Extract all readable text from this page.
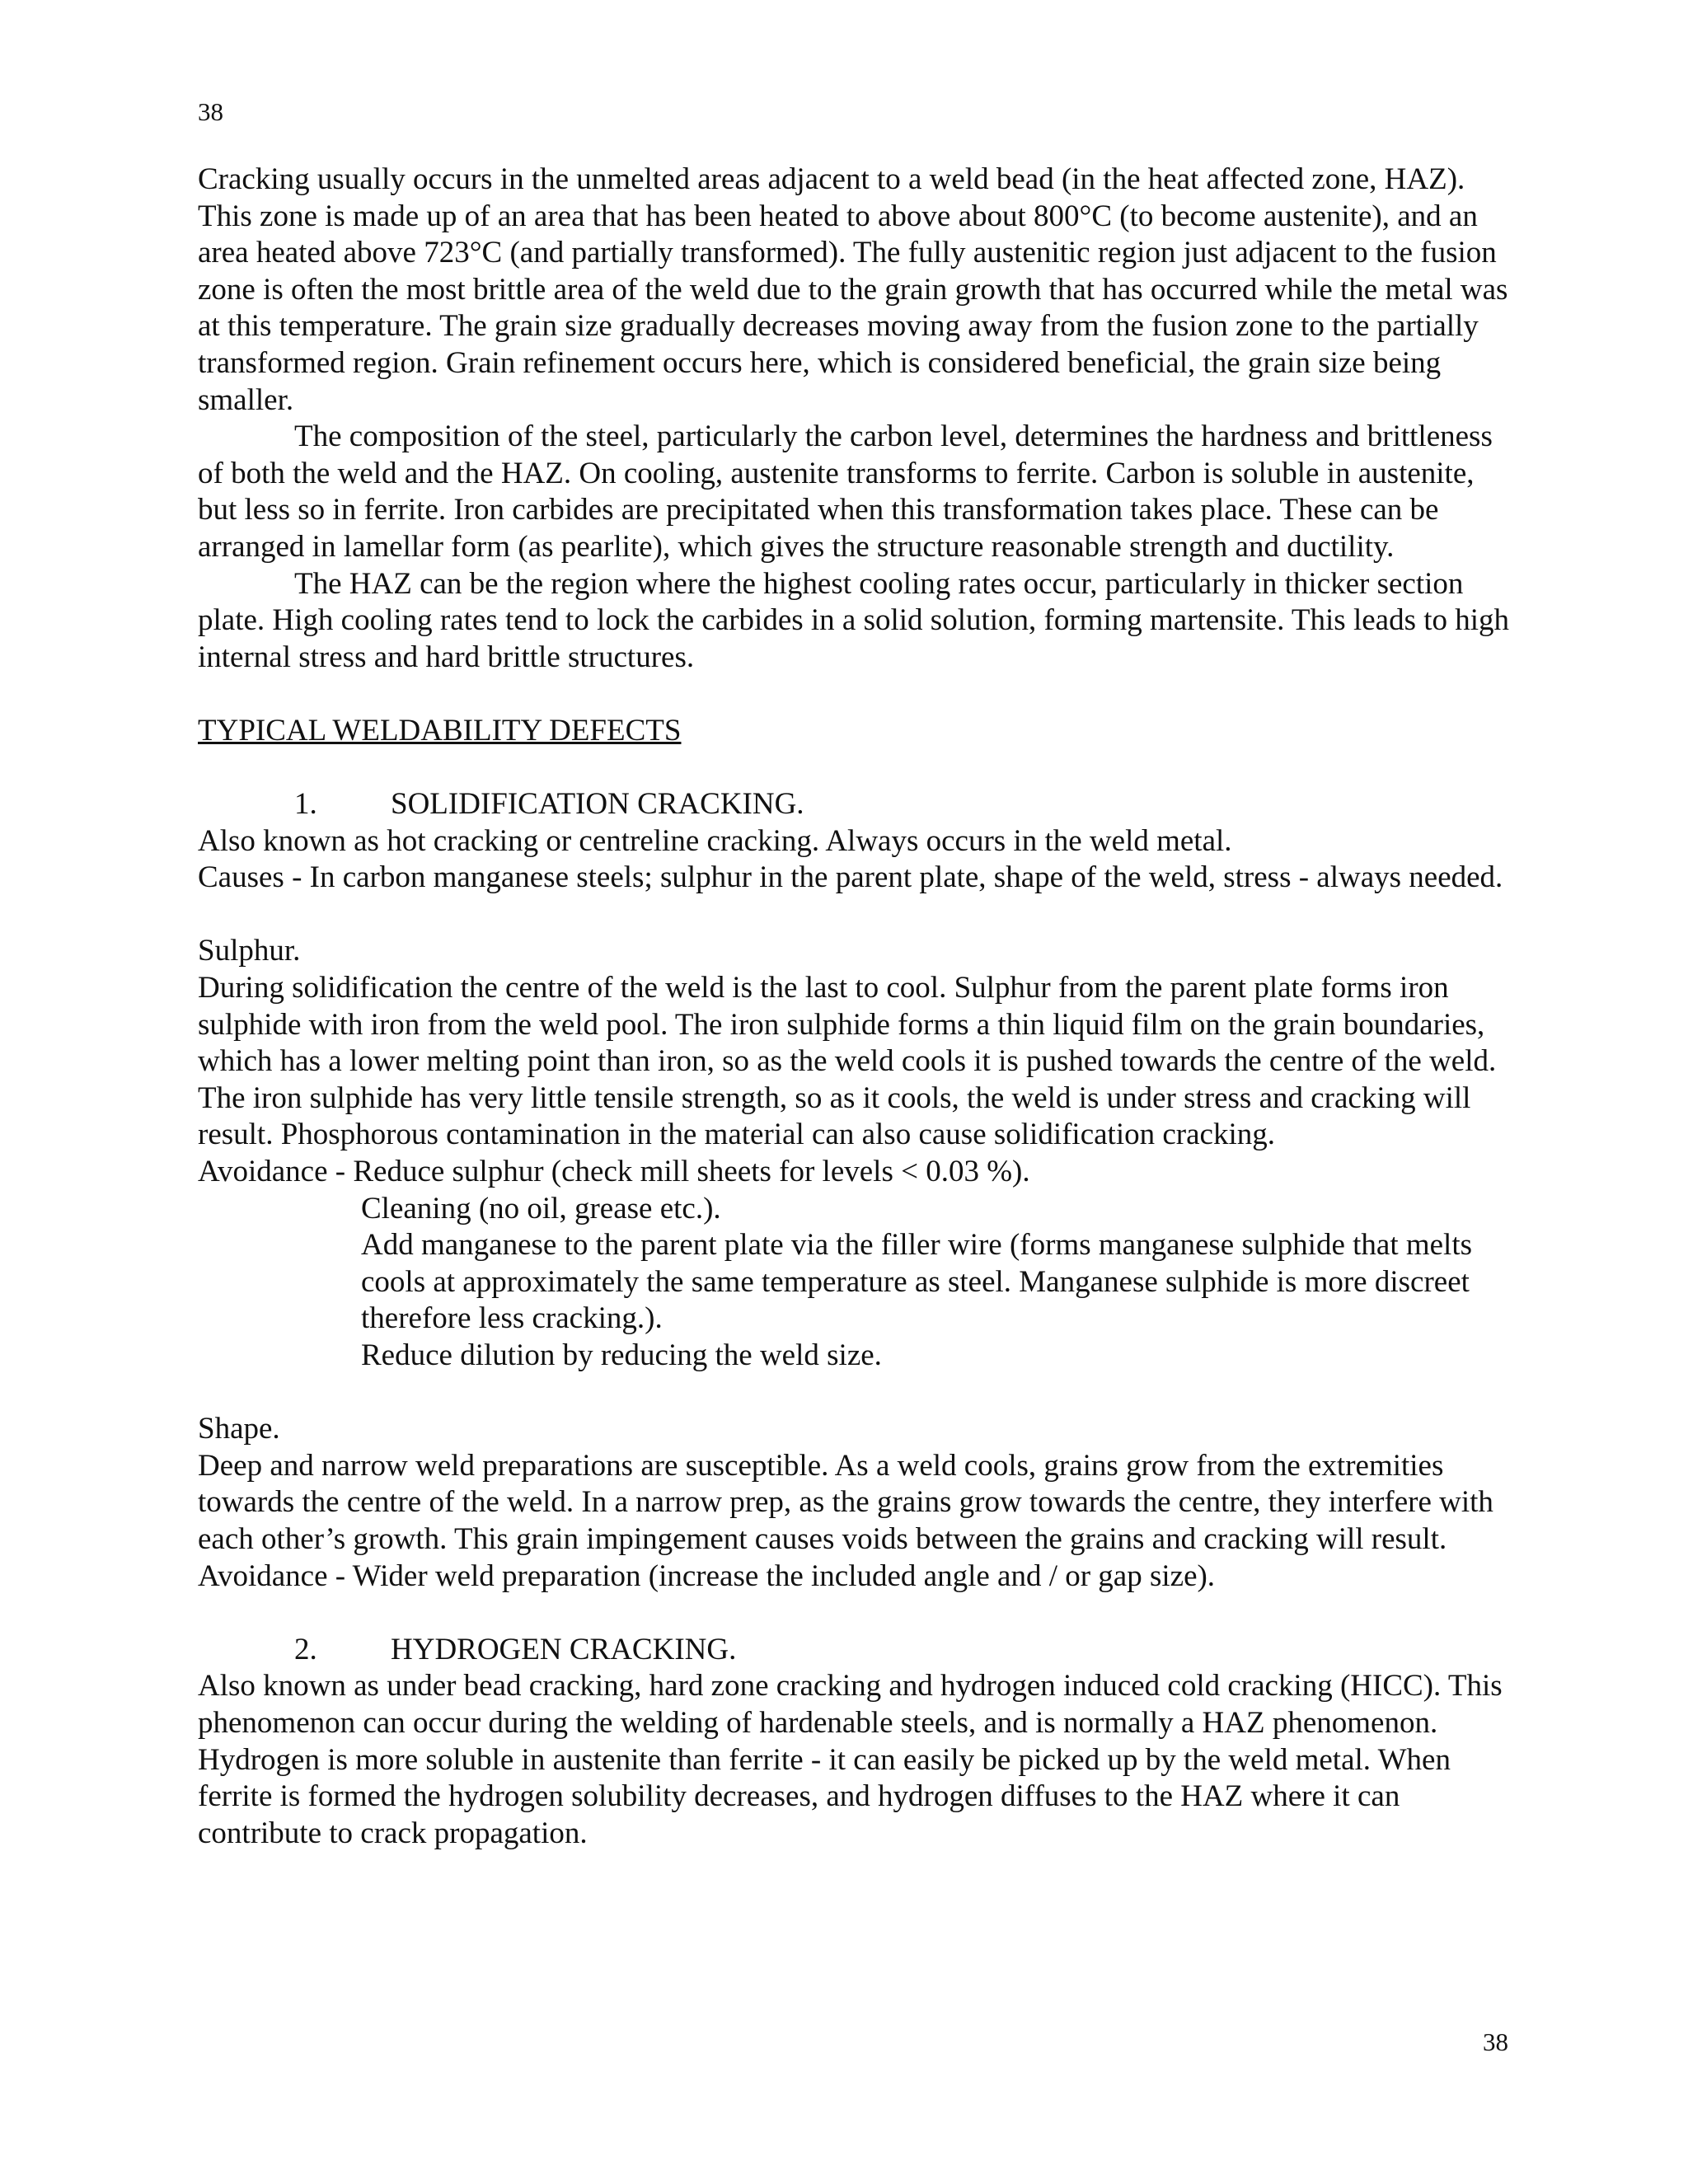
38

Cracking usually occurs in the unmelted areas adjacent to a weld bead (in the heat affected zone, HAZ). This zone is made up of an area that has been heated to above about 800°C (to become austenite), and an area heated above 723°C (and partially transformed). The fully austenitic region just adjacent to the fusion zone is often the most brittle area of the weld due to the grain growth that has occurred while the metal was at this temperature. The grain size gradually decreases moving away from the fusion zone to the partially transformed region. Grain refinement occurs here, which is considered beneficial, the grain size being smaller.

The composition of the steel, particularly the carbon level, determines the hardness and brittleness of both the weld and the HAZ. On cooling, austenite transforms to ferrite. Carbon is soluble in austenite, but less so in ferrite. Iron carbides are precipitated when this transformation takes place. These can be arranged in lamellar form (as pearlite), which gives the structure reasonable strength and ductility.

The HAZ can be the region where the highest cooling rates occur, particularly in thicker section plate. High cooling rates tend to lock the carbides in a solid solution, forming martensite. This leads to high internal stress and hard brittle structures.

TYPICAL WELDABILITY DEFECTS

1. SOLIDIFICATION CRACKING.

Also known as hot cracking or centreline cracking. Always occurs in the weld metal.

Causes - In carbon manganese steels; sulphur in the parent plate, shape of the weld, stress - always needed.

Sulphur.

During solidification the centre of the weld is the last to cool. Sulphur from the parent plate forms iron sulphide with iron from the weld pool. The iron sulphide forms a thin liquid film on the grain boundaries, which has a lower melting point than iron, so as the weld cools it is pushed towards the centre of the weld. The iron sulphide has very little tensile strength, so as it cools, the weld is under stress and cracking will result. Phosphorous contamination in the material can also cause solidification cracking.

Avoidance - Reduce sulphur (check mill sheets for levels < 0.03 %).

Cleaning (no oil, grease etc.).

Add manganese to the parent plate via the filler wire (forms manganese sulphide that melts cools at approximately the same temperature as steel. Manganese sulphide is more discreet therefore less cracking.).

Reduce dilution by reducing the weld size.

Shape.

Deep and narrow weld preparations are susceptible. As a weld cools, grains grow from the extremities towards the centre of the weld. In a narrow prep, as the grains grow towards the centre, they interfere with each other’s growth. This grain impingement causes voids between the grains and cracking will result.

Avoidance - Wider weld preparation (increase the included angle and / or gap size).

2. HYDROGEN CRACKING.

Also known as under bead cracking, hard zone cracking and hydrogen induced cold cracking (HICC). This phenomenon can occur during the welding of hardenable steels, and is normally a HAZ phenomenon. Hydrogen is more soluble in austenite than ferrite - it can easily be picked up by the weld metal. When ferrite is formed the hydrogen solubility decreases, and hydrogen diffuses to the HAZ where it can contribute to crack propagation.

38
